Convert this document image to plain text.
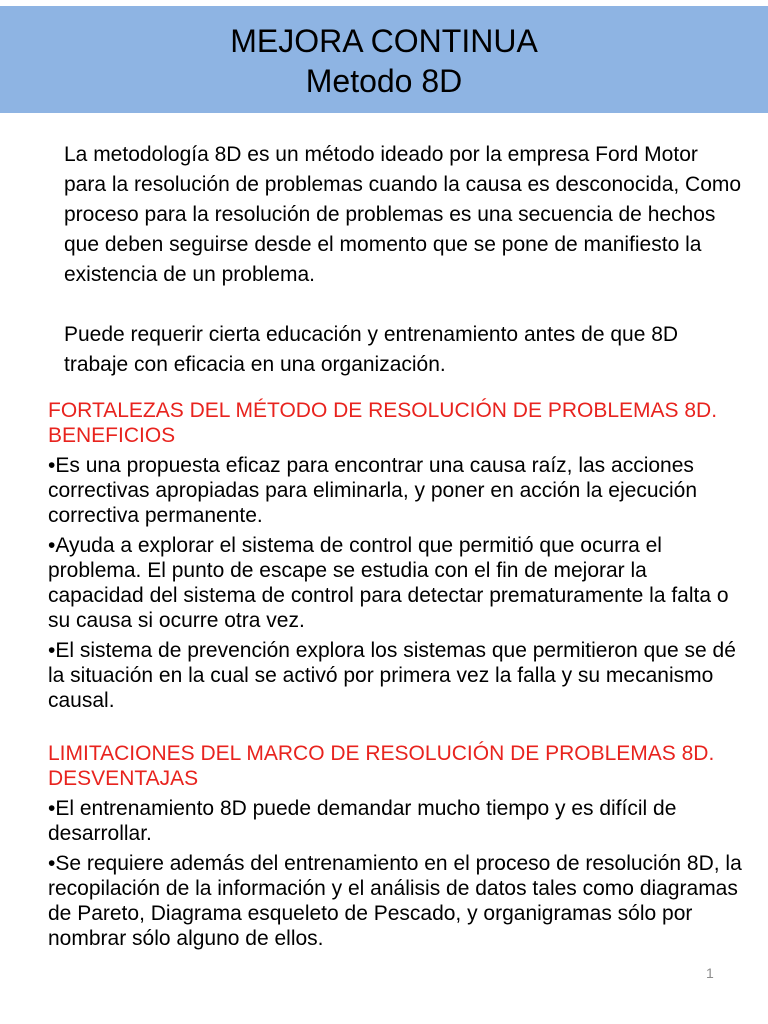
MEJORA CONTINUA
Metodo 8D

La metodología 8D es un método ideado por la empresa Ford Motor para la resolución de problemas cuando la causa es desconocida, Como proceso para la resolución de problemas es una secuencia de hechos que deben seguirse desde el momento que se pone de manifiesto la existencia de un problema.

Puede requerir cierta educación y entrenamiento antes de que 8D trabaje con eficacia en una organización.

FORTALEZAS DEL MÉTODO DE RESOLUCIÓN DE PROBLEMAS 8D. BENEFICIOS

•Es una propuesta eficaz para encontrar una causa raíz, las acciones correctivas apropiadas para eliminarla, y poner en acción la ejecución correctiva permanente.

•Ayuda a explorar el sistema de control que permitió que ocurra el problema. El punto de escape se estudia con el fin de mejorar la capacidad del sistema de control para detectar prematuramente la falta o su causa si ocurre otra vez.

•El sistema de prevención explora los sistemas que permitieron que se dé la situación en la cual se activó por primera vez la falla y su mecanismo causal.

LIMITACIONES DEL MARCO DE RESOLUCIÓN DE PROBLEMAS 8D. DESVENTAJAS

•El entrenamiento 8D puede demandar mucho tiempo y es difícil de desarrollar.

•Se requiere además del entrenamiento en el proceso de resolución 8D, la recopilación de la información y el análisis de datos tales como diagramas de Pareto, Diagrama esqueleto de Pescado, y organigramas sólo por nombrar sólo alguno de ellos.

1
